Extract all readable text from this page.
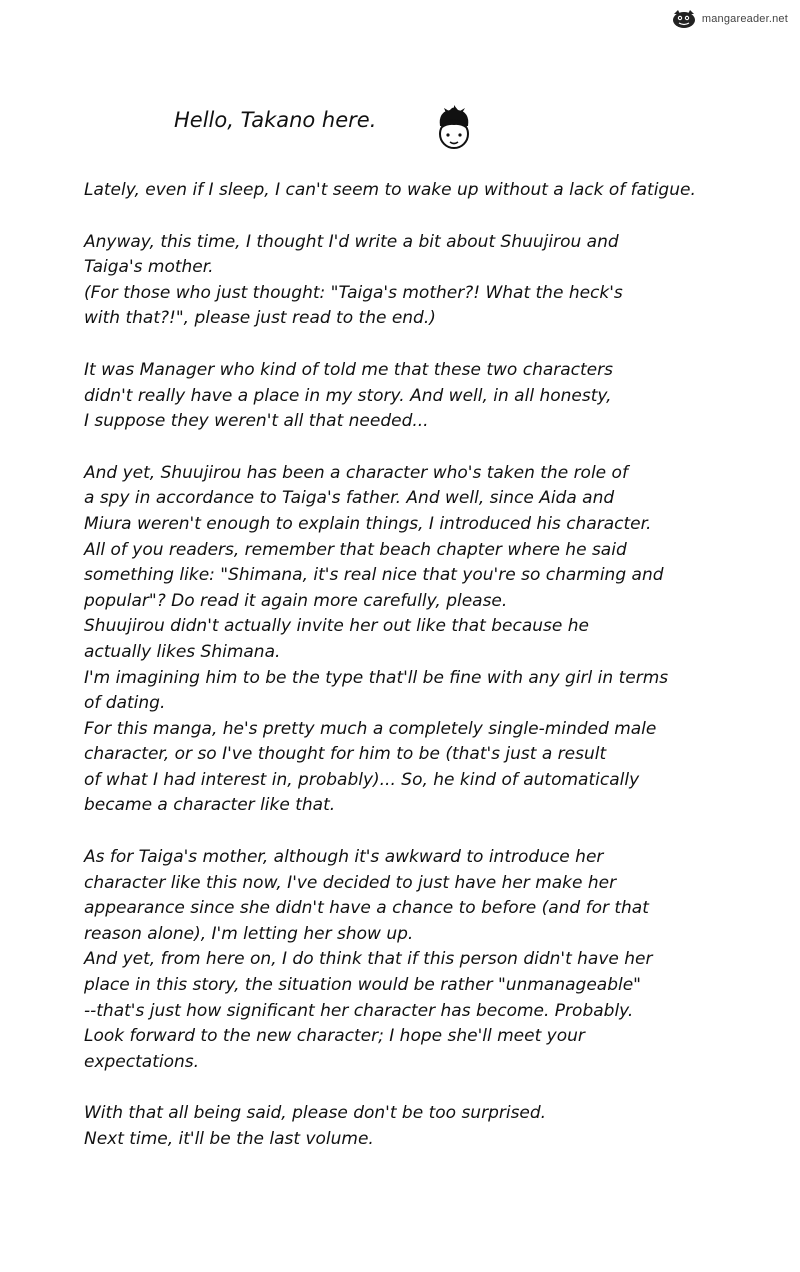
mangareader.net
Hello, Takano here.
Lately, even if I sleep, I can't seem to wake up without a lack of fatigue.
Anyway, this time, I thought I'd write a bit about Shuujirou and
Taiga's mother.
(For those who just thought: "Taiga's mother?! What the heck's
with that?!", please just read to the end.)
It was Manager who kind of told me that these two characters
didn't really have a place in my story. And well, in all honesty,
I suppose they weren't all that needed...
And yet, Shuujirou has been a character who's taken the role of
a spy in accordance to Taiga's father. And well, since Aida and
Miura weren't enough to explain things, I introduced his character.
All of you readers, remember that beach chapter where he said
something like: "Shimana, it's real nice that you're so charming and
popular"? Do read it again more carefully, please.
Shuujirou didn't actually invite her out like that because he
actually likes Shimana.
I'm imagining him to be the type that'll be fine with any girl in terms
of dating.
For this manga, he's pretty much a completely single-minded male
character, or so I've thought for him to be (that's just a result
of what I had interest in, probably)... So, he kind of automatically
became a character like that.
As for Taiga's mother, although it's awkward to introduce her
character like this now, I've decided to just have her make her
appearance since she didn't have a chance to before (and for that
reason alone), I'm letting her show up.
And yet, from here on, I do think that if this person didn't have her
place in this story, the situation would be rather "unmanageable"
--that's just how significant her character has become. Probably.
Look forward to the new character; I hope she'll meet your
expectations.
With that all being said, please don't be too surprised.
Next time, it'll be the last volume.
